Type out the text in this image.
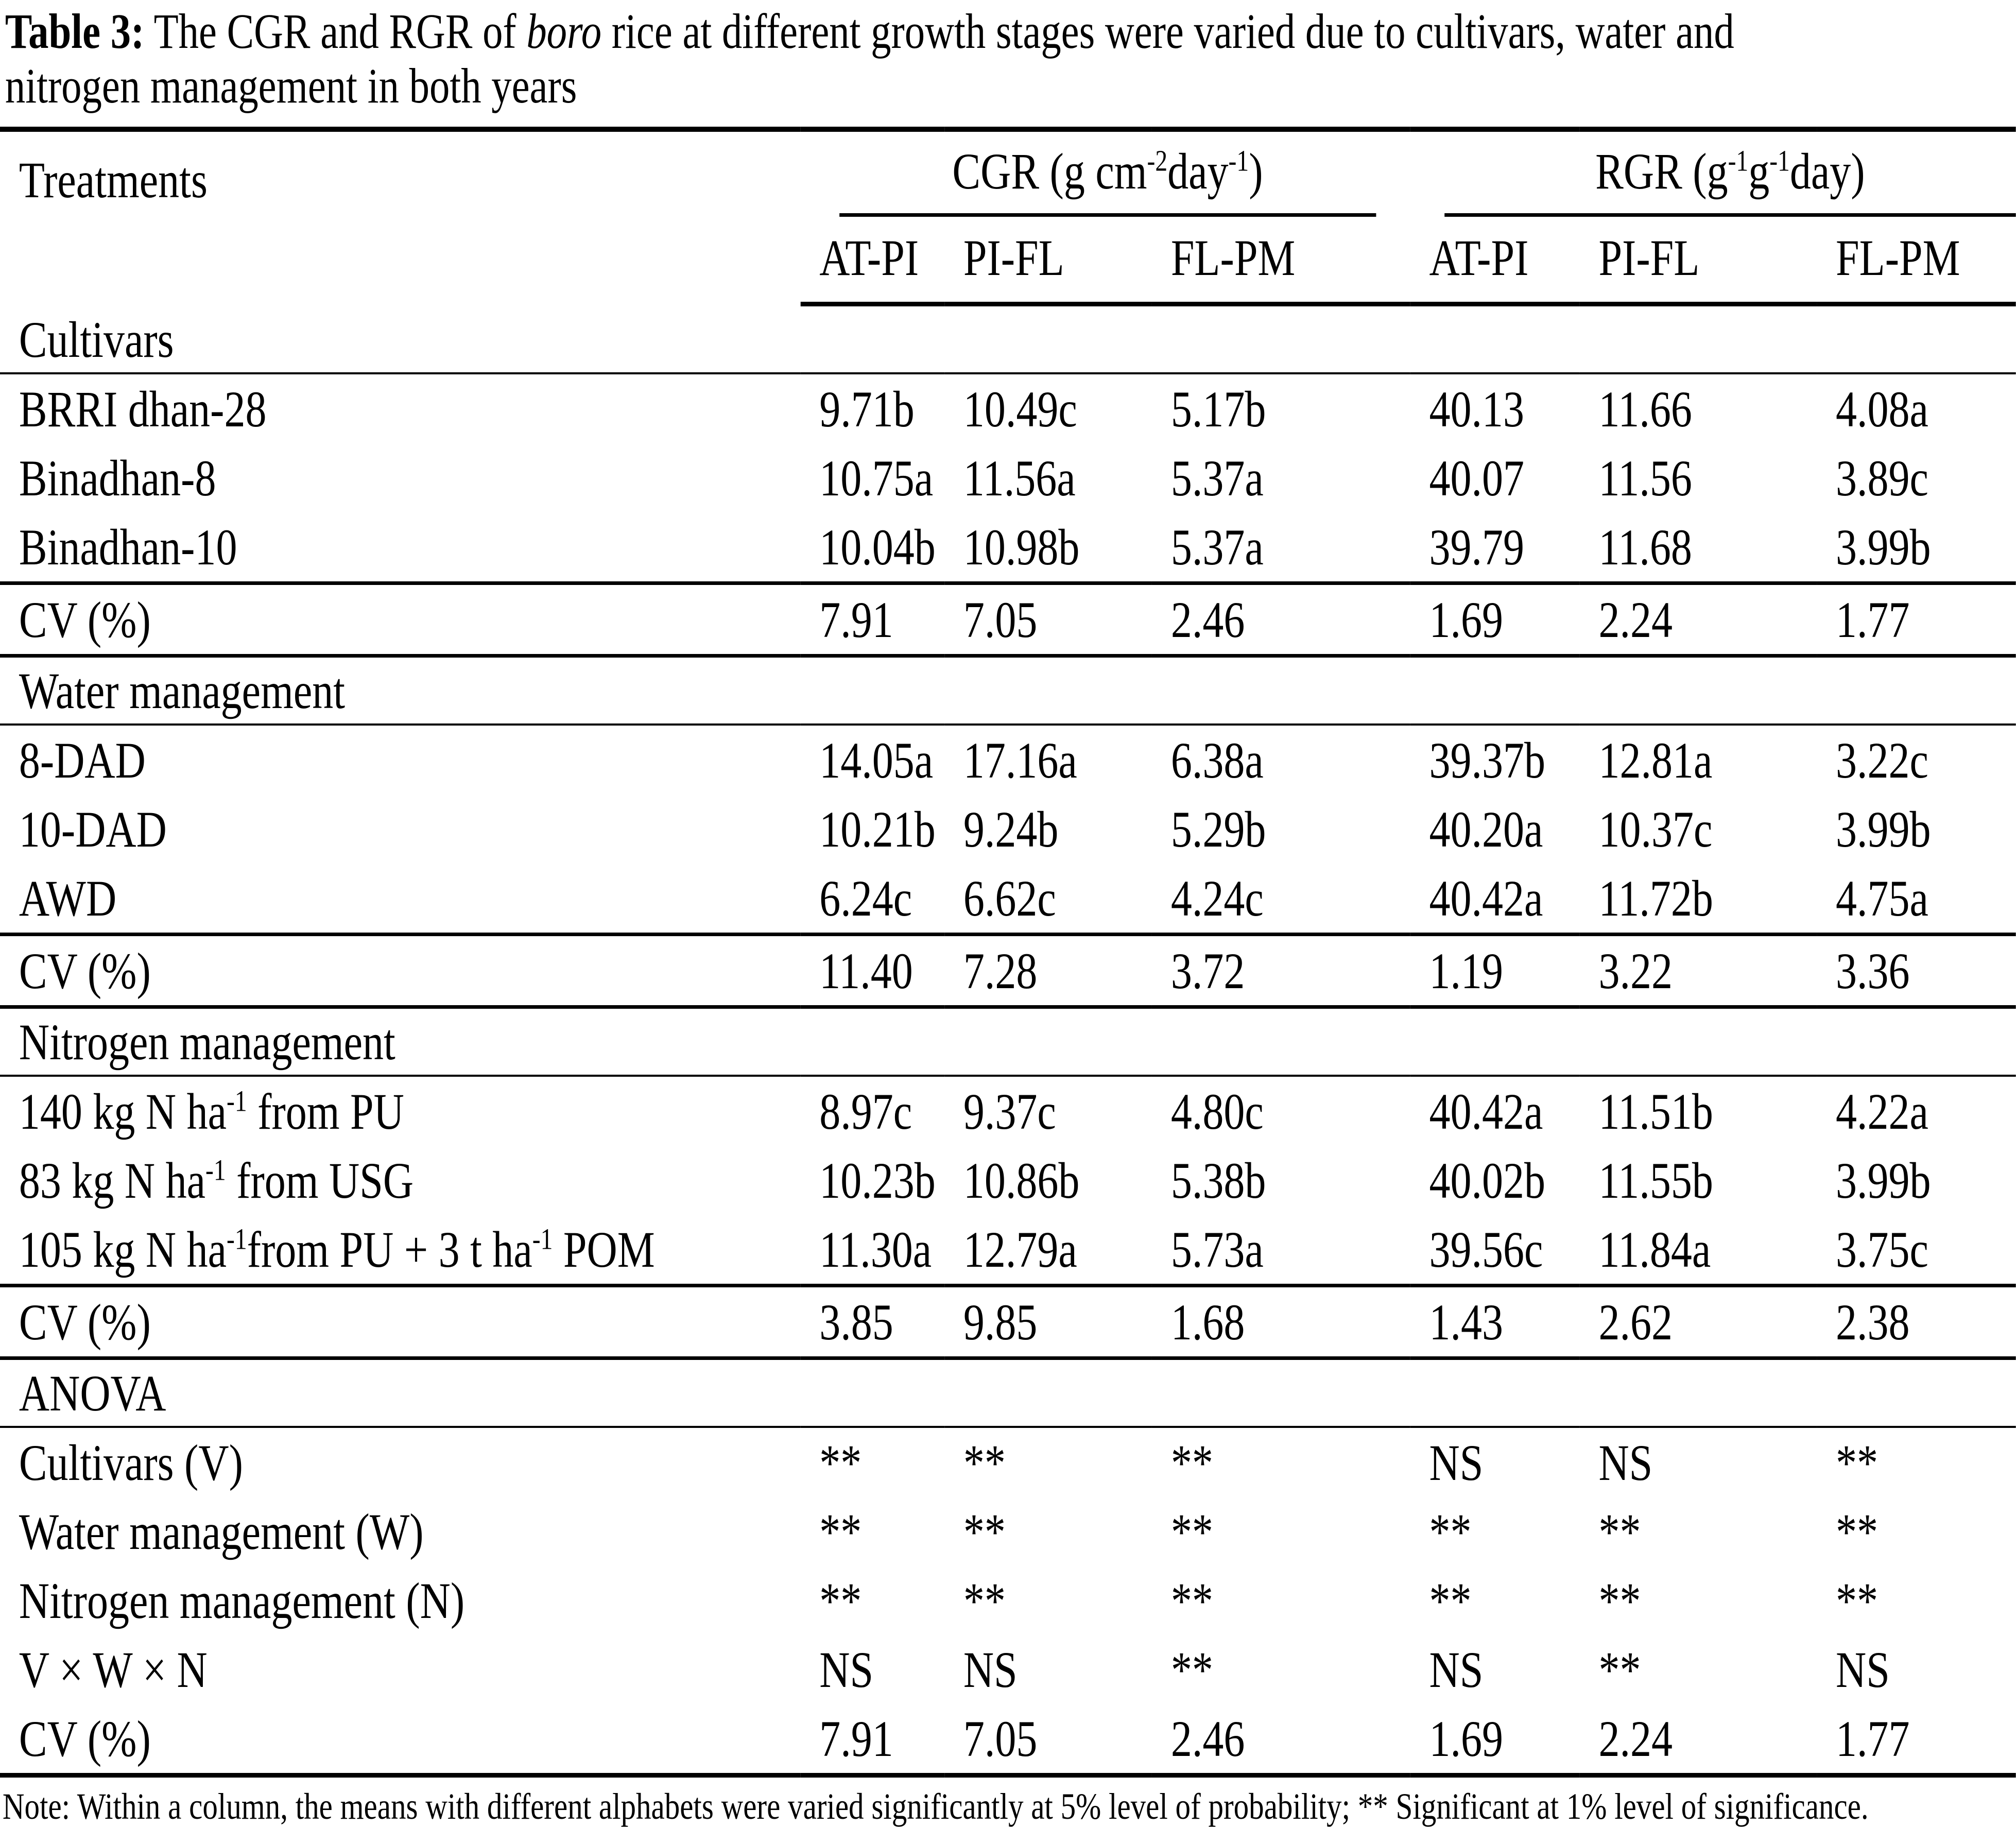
Table 3: The CGR and RGR of boro rice at different growth stages were varied due to cultivars, water and
nitrogen management in both years
Treatments	CGR (g $cm^{-2}day^{-1}$)			RGR $(g^{-1}g^{-1}day)$		

	AT-PI	PI-FL	FL-PM	AT-PI	PI-FL	FL-PM
Cultivars						
BRRI dhan-28	9.71b	10.49c	5.17b	40.13	11.66	4.08a
Binadhan-8	10.75a	11.56a	5.37a	40.07	11.56	3.89c
Binadhan-10	10.04b	10.98b	5.37a	39.79	11.68	3.99b
CV (%)	7.91	7.05	2.46	1.69	2.24	1.77
Water management						
8-DAD	14.05a	17.16a	6.38a	39.37b	12.81a	3.22c
10-DAD	10.21b	9.24b	5.29b	40.20a	10.37c	3.99b
AWD	6.24c	6.62c	4.24c	40.42a	11.72b	4.75a
CV (%)	11.40	7.28	3.72	1.19	3.22	3.36
Nitrogen management						
140 kg N $ha^{-1}$ from PU	8.97c	9.37c	4.80c	40.42a	11.51b	4.22a
83 kg N $ha^{-1}$ from USG	10.23b	10.86b	5.38b	40.02b	11.55b	3.99b
105 kg N $ha^{-1}from$ PU + 3 t $ha^{-1}$ POM	11.30a	12.79a	5.73a	39.56c	11.84a	3.75c
CV (%)	3.85	9.85	1.68	1.43	2.62	2.38
ANOVA						
Cultivars (V)	**	**	**	NS	NS	**
Water management (W)	**	**	**	**	**	**
Nitrogen management (N)	**	**	**	**	**	**
V × W × N	NS	NS	**	NS	**	NS
CV (%)	7.91	7.05	2.46	1.69	2.24	1.77
Note: Within a column, the means with different alphabets were varied significantly at 5% level of probability; ** Significant at 1% level of significance.
